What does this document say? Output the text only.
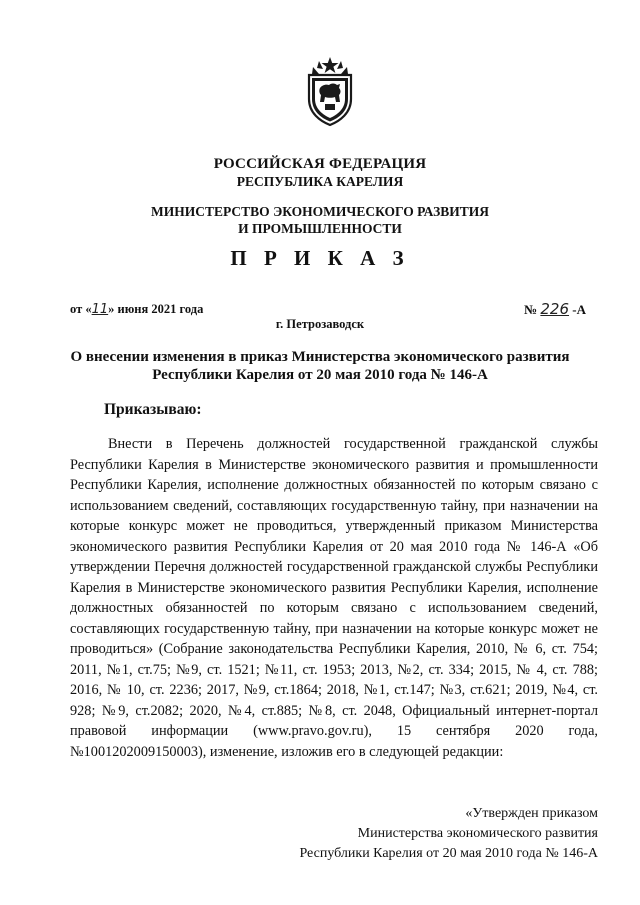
РОССИЙСКАЯ ФЕДЕРАЦИЯ
РЕСПУБЛИКА КАРЕЛИЯ
МИНИСТЕРСТВО ЭКОНОМИЧЕСКОГО РАЗВИТИЯ
И ПРОМЫШЛЕННОСТИ
П Р И К А З
от «11» июня 2021 года	№ 226 -А
г. Петрозаводск
О внесении изменения в приказ Министерства экономического развития
Республики Карелия от 20 мая 2010 года № 146-А
Приказываю:

Внести в Перечень должностей государственной гражданской службы Республики Карелия в Министерстве экономического развития и промышленности Республики Карелия, исполнение должностных обязанностей по которым связано с использованием сведений, составляющих государственную тайну, при назначении на которые конкурс может не проводиться, утвержденный приказом Министерства экономического развития Республики Карелия от 20 мая 2010 года № 146-А «Об утверждении Перечня должностей государственной гражданской службы Республики Карелия в Министерстве экономического развития Республики Карелия, исполнение должностных обязанностей по которым связано с использованием сведений, составляющих государственную тайну, при назначении на которые конкурс может не проводиться» (Собрание законодательства Республики Карелия, 2010, № 6, ст. 754; 2011, №1, ст.75; №9, ст. 1521; №11, ст. 1953; 2013, №2, ст. 334; 2015, № 4, ст. 788; 2016, № 10, ст. 2236; 2017, №9, ст.1864; 2018, №1, ст.147; №3, ст.621; 2019, №4, ст. 928; №9, ст.2082; 2020, №4, ст.885; №8, ст. 2048, Официальный интернет-портал правовой информации (www.pravo.gov.ru), 15 сентября 2020 года, №1001202009150003), изменение, изложив его в следующей редакции:

«Утвержден приказом
Министерства экономического развития
Республики Карелия от 20 мая 2010 года № 146-А
